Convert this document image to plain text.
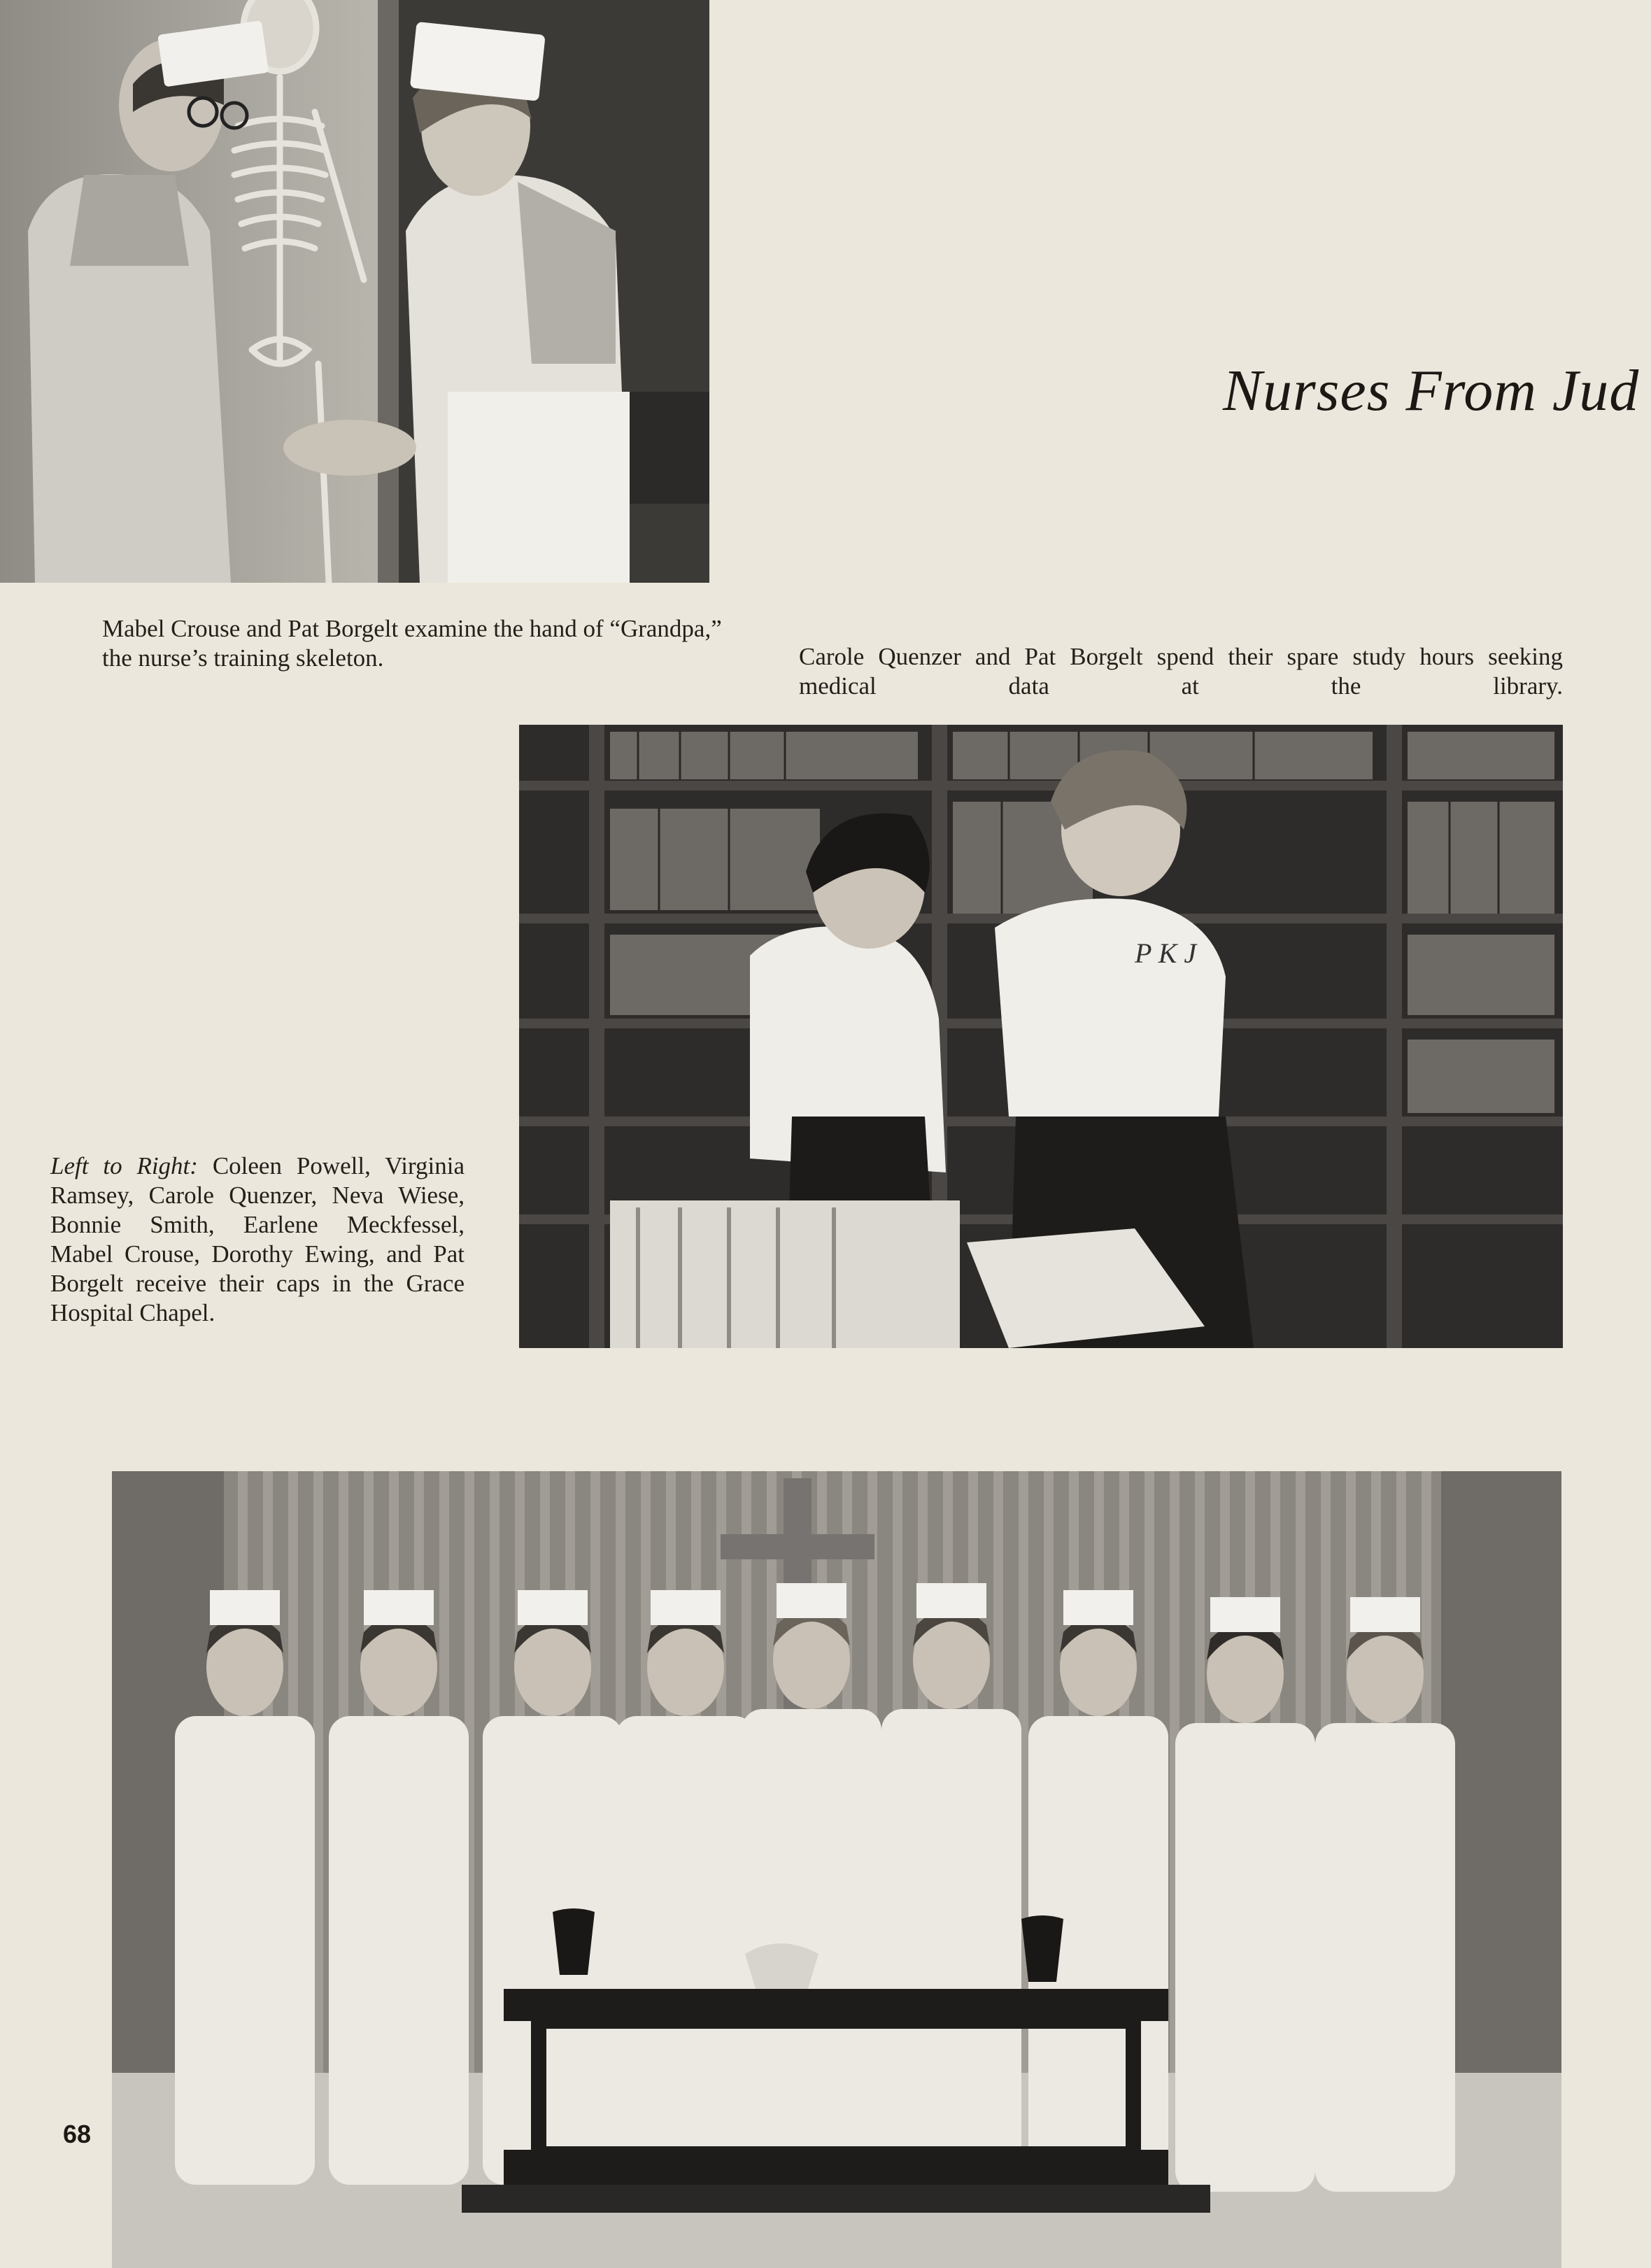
Nurses From Jud

Mabel Crouse and Pat Borgelt examine the hand of “Grandpa,” the nurse’s training skeleton.	Carole Quenzer and Pat Borgelt spend their spare study hours seeking medical data at the library.

P K J

Left to Right: Coleen Powell, Virginia Ramsey, Carole Quenzer, Neva Wiese, Bonnie Smith, Earlene Meckfessel, Mabel Crouse, Dorothy Ewing, and Pat Borgelt receive their caps in the Grace Hospital Chapel.

68
